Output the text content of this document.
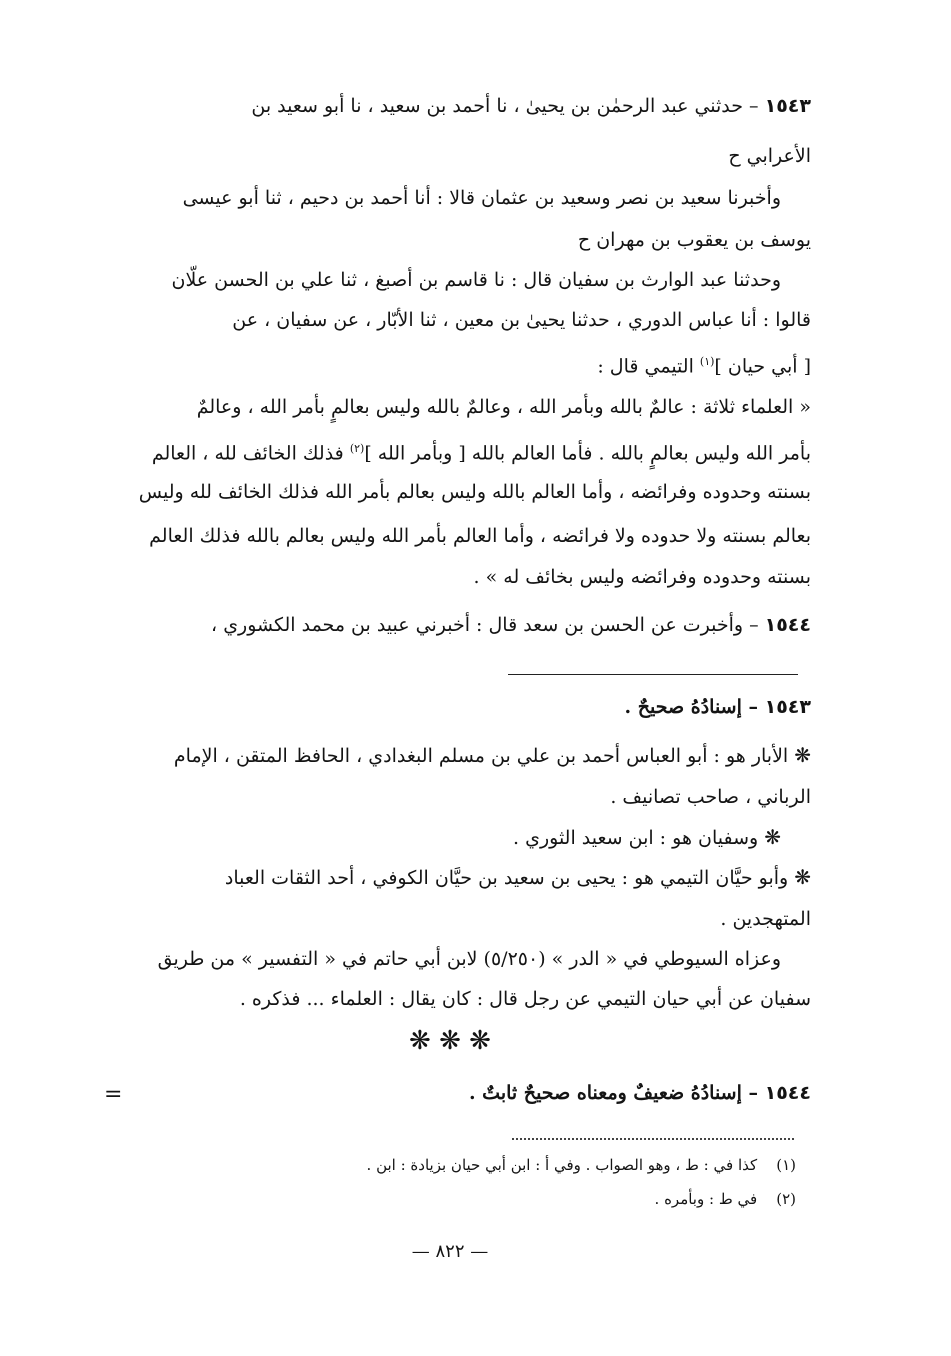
١٥٤٣ – حدثني عبد الرحمٰن بن يحيىٰ ، نا أحمد بن سعيد ، نا أبو سعيد بن
الأعرابي ح
وأخبرنا سعيد بن نصر وسعيد بن عثمان قالا : أنا أحمد بن دحيم ، ثنا أبو عيسى
يوسف بن يعقوب بن مهران ح
وحدثنا عبد الوارث بن سفيان قال : نا قاسم بن أصبغ ، ثنا علي بن الحسن علّان
قالوا : أنا عباس الدوري ، حدثنا يحيىٰ بن معين ، ثنا الأبّار ، عن سفيان ، عن
[ أبي حيان ]$^{(١)}$ التيمي قال :
« العلماء ثلاثة : عالمٌ بالله وبأمر الله ، وعالمٌ بالله وليس بعالمٍ بأمر الله ، وعالمٌ
بأمر الله وليس بعالمٍ بالله . فأما العالم بالله [ وبأمر الله ]$^{(٢)}$ فذلك الخائف لله ، العالم
بسنته وحدوده وفرائضه ، وأما العالم بالله وليس بعالم بأمر الله فذلك الخائف لله وليس
بعالم بسنته ولا حدوده ولا فرائضه ، وأما العالم بأمر الله وليس بعالم بالله فذلك العالم
بسنته وحدوده وفرائضه وليس بخائف له » .
١٥٤٤ – وأخبرت عن الحسن بن سعد قال : أخبرني عبيد بن محمد الكشوري ،
١٥٤٣ – إسنادُهُ صحيحٌ .
❋ الأبار هو : أبو العباس أحمد بن علي بن مسلم البغدادي ، الحافظ المتقن ، الإمام
الرباني ، صاحب تصانيف .
❋ وسفيان هو : ابن سعيد الثوري .
❋ وأبو حيَّان التيمي هو : يحيى بن سعيد بن حيَّان الكوفي ، أحد الثقات العباد
المتهجدين .
وعزاه السيوطي في « الدر » (٥/٢٥٠) لابن أبي حاتم في « التفسير » من طريق
سفيان عن أبي حيان التيمي عن رجل قال : كان يقال : العلماء ... فذكره .
❋ ❋ ❋
١٥٤٤ – إسنادُهُ ضعيفٌ ومعناه صحيحٌ ثابتٌ .
=
(١)    كذا في : ط ، وهو الصواب . وفي أ : ابن أبي حيان بزيادة : ابن .
(٢)    في ط : وبأمره .
— ٨٢٢ —
